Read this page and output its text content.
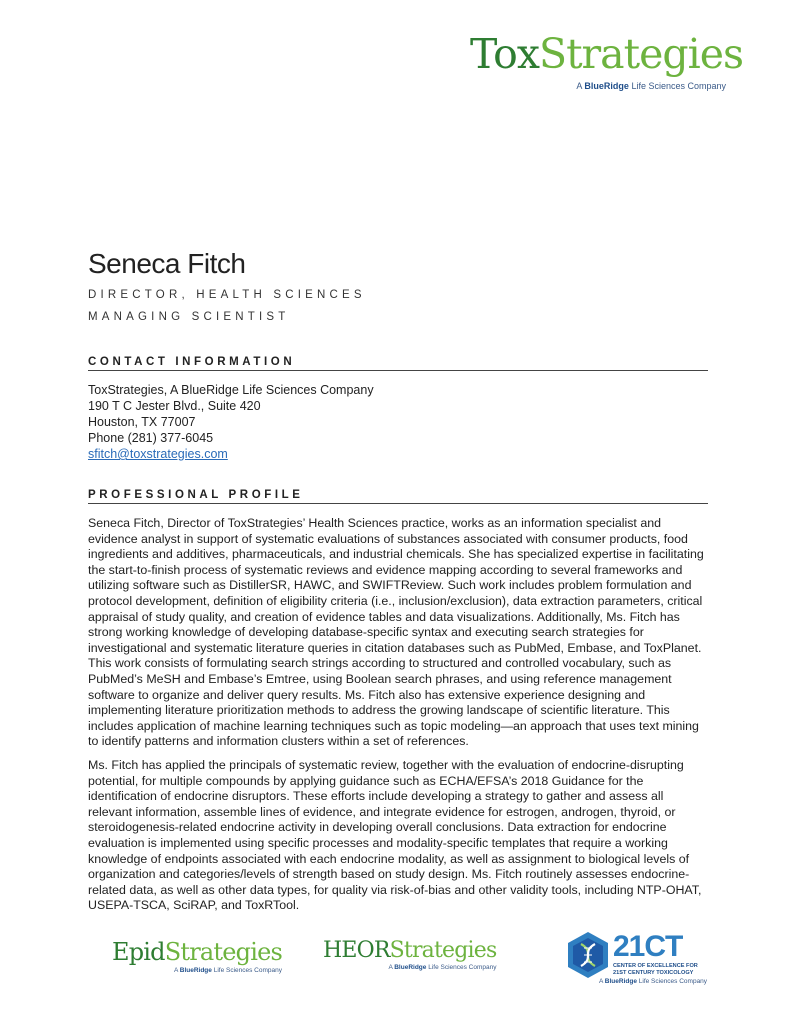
ToxStrategies
A BlueRidge Life Sciences Company
Seneca Fitch
DIRECTOR, HEALTH SCIENCES
MANAGING SCIENTIST
CONTACT INFORMATION
ToxStrategies, A BlueRidge Life Sciences Company
190 T C Jester Blvd., Suite 420
Houston, TX 77007
Phone (281) 377-6045
sfitch@toxstrategies.com
PROFESSIONAL PROFILE

Seneca Fitch, Director of ToxStrategies’ Health Sciences practice, works as an information specialist and evidence analyst in support of systematic evaluations of substances associated with consumer products, food ingredients and additives, pharmaceuticals, and industrial chemicals. She has specialized expertise in facilitating the start-to-finish process of systematic reviews and evidence mapping according to several frameworks and utilizing software such as DistillerSR, HAWC, and SWIFTReview. Such work includes problem formulation and protocol development, definition of eligibility criteria (i.e., inclusion/exclusion), data extraction parameters, critical appraisal of study quality, and creation of evidence tables and data visualizations. Additionally, Ms. Fitch has strong working knowledge of developing database-specific syntax and executing search strategies for investigational and systematic literature queries in citation databases such as PubMed, Embase, and ToxPlanet. This work consists of formulating search strings according to structured and controlled vocabulary, such as PubMed’s MeSH and Embase’s Emtree, using Boolean search phrases, and using reference management software to organize and deliver query results. Ms. Fitch also has extensive experience designing and implementing literature prioritization methods to address the growing landscape of scientific literature. This includes application of machine learning techniques such as topic modeling—an approach that uses text mining to identify patterns and information clusters within a set of references.

Ms. Fitch has applied the principals of systematic review, together with the evaluation of endocrine-disrupting potential, for multiple compounds by applying guidance such as ECHA/EFSA’s 2018 Guidance for the identification of endocrine disruptors. These efforts include developing a strategy to gather and assess all relevant information, assemble lines of evidence, and integrate evidence for estrogen, androgen, thyroid, or steroidogenesis-related endocrine activity in developing overall conclusions. Data extraction for endocrine evaluation is implemented using specific processes and modality-specific templates that require a working knowledge of endpoints associated with each endocrine modality, as well as assignment to biological levels of organization and categories/levels of strength based on study design. Ms. Fitch routinely assesses endocrine-related data, as well as other data types, for quality via risk-of-bias and other validity tools, including NTP-OHAT, USEPA-TSCA, SciRAP, and ToxRTool.

EpidStrategies
A BlueRidge Life Sciences Company
HEORStrategies
A BlueRidge Life Sciences Company
21CT
CENTER OF EXCELLENCE FOR
21ST CENTURY TOXICOLOGY
A BlueRidge Life Sciences Company
